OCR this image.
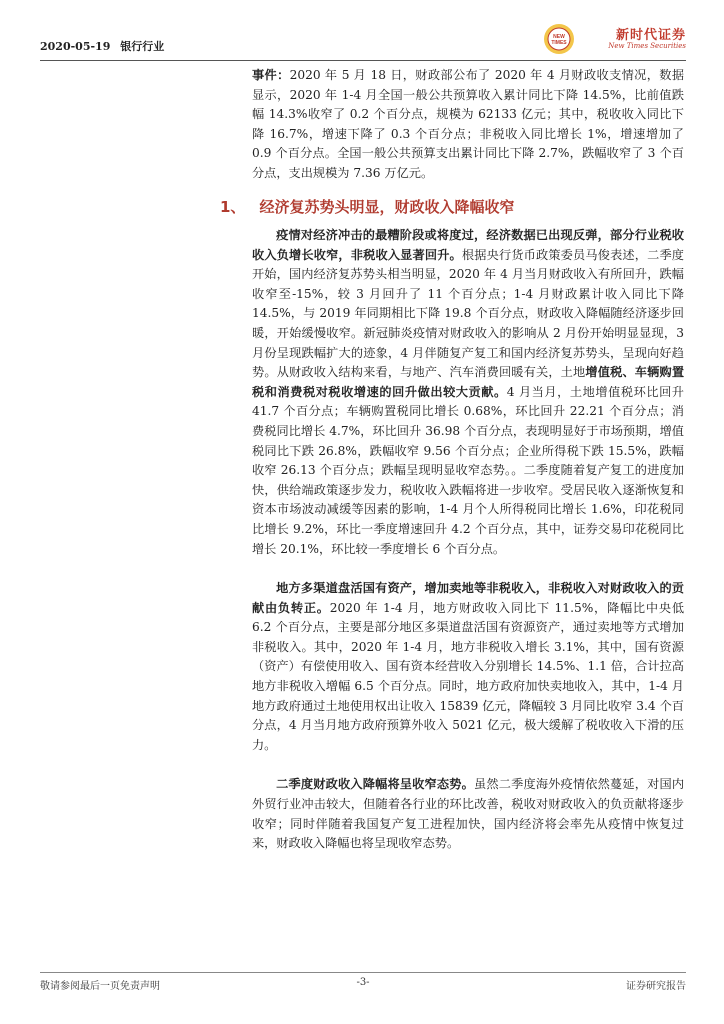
2020-05-19 银行行业
NEW
TIMES	新时代证券
New Times Securities

事件：2020 年 5 月 18 日，财政部公布了 2020 年 4 月财政收支情况，数据显示，2020 年 1-4 月全国一般公共预算收入累计同比下降 14.5%，比前值跌幅 14.3%收窄了 0.2 个百分点，规模为 62133 亿元；其中，税收收入同比下降 16.7%，增速下降了 0.3 个百分点；非税收入同比增长 1%，增速增加了 0.9 个百分点。全国一般公共预算支出累计同比下降 2.7%，跌幅收窄了 3 个百分点，支出规模为 7.36 万亿元。

1、 经济复苏势头明显，财政收入降幅收窄

疫情对经济冲击的最糟阶段或将度过，经济数据已出现反弹，部分行业税收收入负增长收窄，非税收入显著回升。根据央行货币政策委员马俊表述，二季度开始，国内经济复苏势头相当明显，2020 年 4 月当月财政收入有所回升，跌幅收窄至-15%，较 3 月回升了 11 个百分点；1-4 月财政累计收入同比下降 14.5%，与 2019 年同期相比下降 19.8 个百分点，财政收入降幅随经济逐步回暖，开始缓慢收窄。新冠肺炎疫情对财政收入的影响从 2 月份开始明显显现，3 月份呈现跌幅扩大的迹象，4 月伴随复产复工和国内经济复苏势头，呈现向好趋势。从财政收入结构来看，与地产、汽车消费回暖有关，土地增值税、车辆购置税和消费税对税收增速的回升做出较大贡献。4 月当月，土地增值税环比回升 41.7 个百分点；车辆购置税同比增长 0.68%，环比回升 22.21 个百分点；消费税同比增长 4.7%，环比回升 36.98 个百分点，表现明显好于市场预期，增值税同比下跌 26.8%，跌幅收窄 9.56 个百分点；企业所得税下跌 15.5%，跌幅收窄 26.13 个百分点；跌幅呈现明显收窄态势。。二季度随着复产复工的进度加快，供给端政策逐步发力，税收收入跌幅将进一步收窄。受居民收入逐渐恢复和资本市场波动减缓等因素的影响，1-4 月个人所得税同比增长 1.6%，印花税同比增长 9.2%，环比一季度增速回升 4.2 个百分点，其中，证券交易印花税同比增长 20.1%，环比较一季度增长 6 个百分点。

地方多渠道盘活国有资产，增加卖地等非税收入，非税收入对财政收入的贡献由负转正。2020 年 1-4 月，地方财政收入同比下 11.5%，降幅比中央低 6.2 个百分点，主要是部分地区多渠道盘活国有资源资产，通过卖地等方式增加非税收入。其中，2020 年 1-4 月，地方非税收入增长 3.1%，其中，国有资源（资产）有偿使用收入、国有资本经营收入分别增长 14.5%、1.1 倍，合计拉高地方非税收入增幅 6.5 个百分点。同时，地方政府加快卖地收入，其中，1-4 月地方政府通过土地使用权出让收入 15839 亿元，降幅较 3 月同比收窄 3.4 个百分点，4 月当月地方政府预算外收入 5021 亿元，极大缓解了税收收入下滑的压力。

二季度财政收入降幅将呈收窄态势。虽然二季度海外疫情依然蔓延，对国内外贸行业冲击较大，但随着各行业的环比改善，税收对财政收入的负贡献将逐步收窄；同时伴随着我国复产复工进程加快，国内经济将会率先从疫情中恢复过来，财政收入降幅也将呈现收窄态势。

敬请参阅最后一页免责声明	-3-	证券研究报告
